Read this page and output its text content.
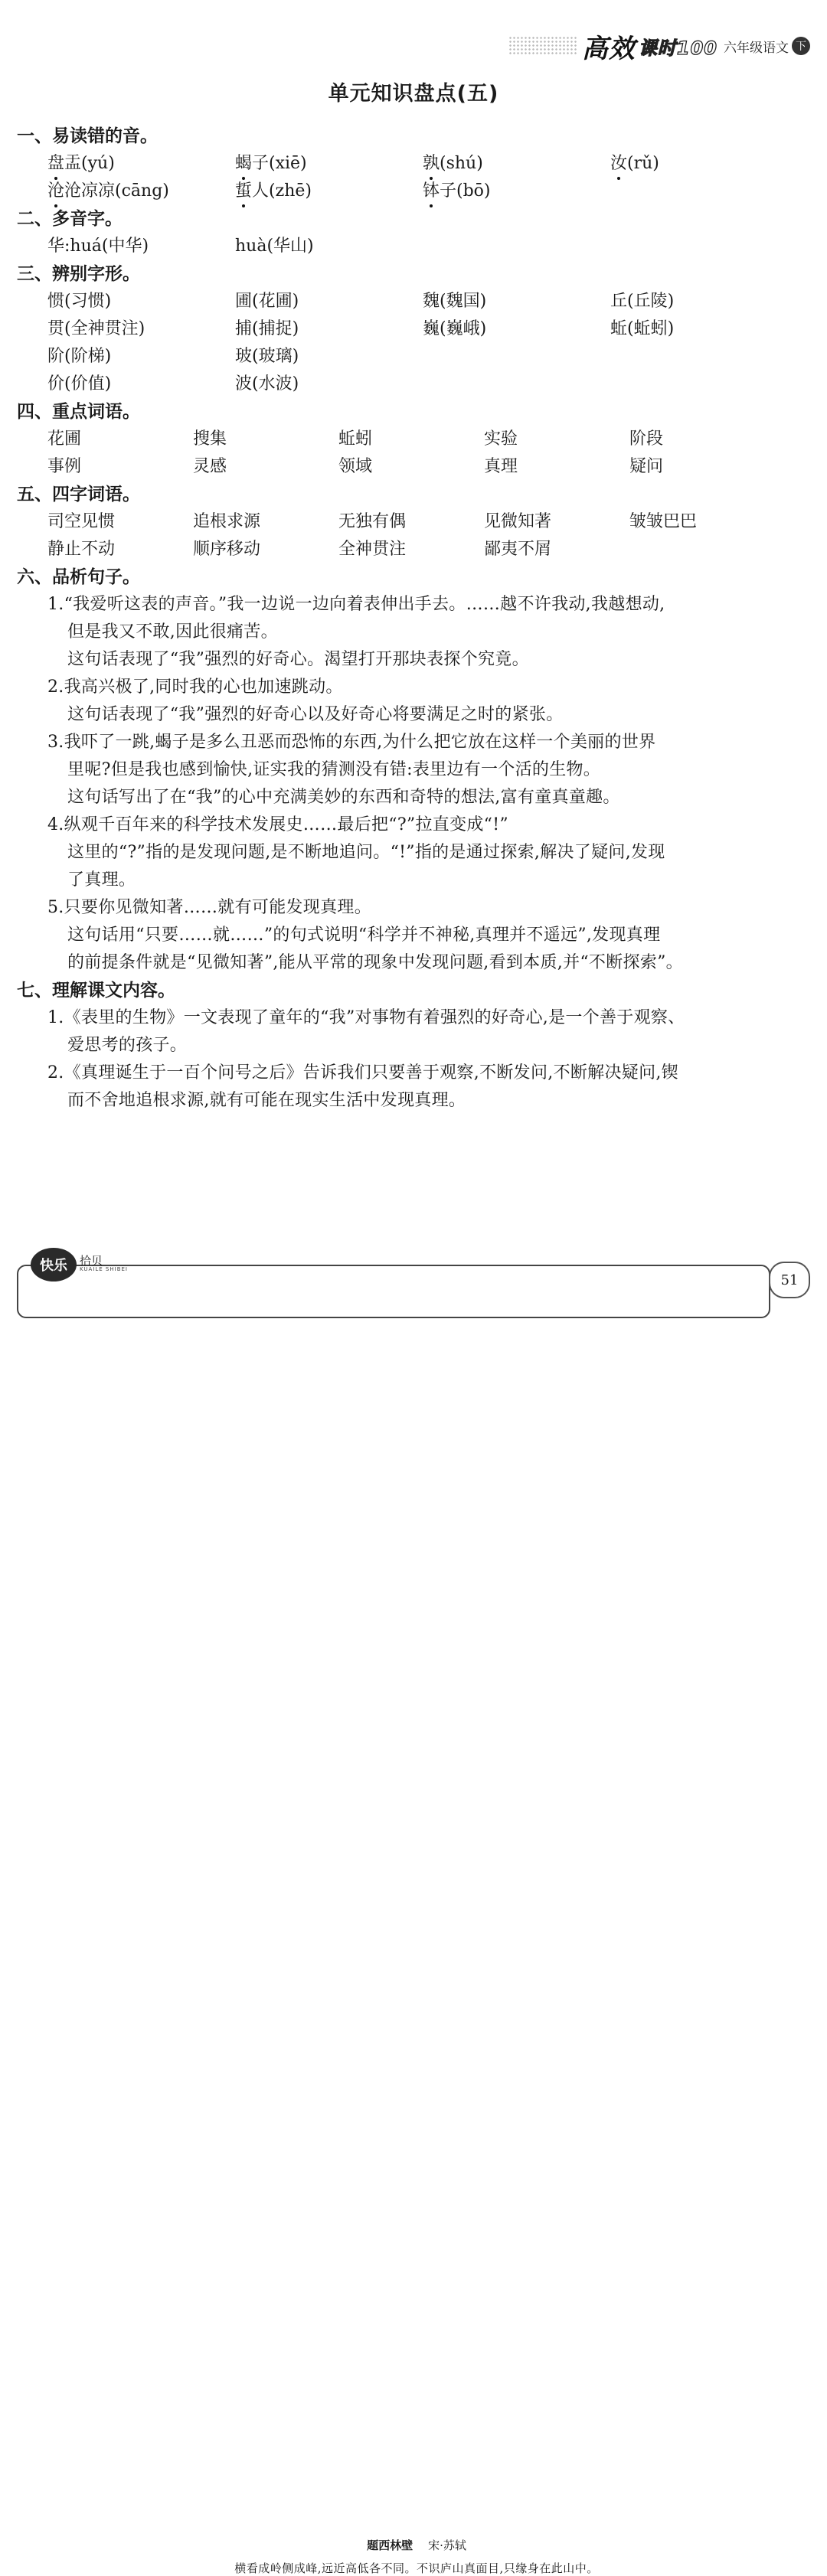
高效 课时100 六年级语文 下
单元知识盘点(五)
一、易读错的音。
盘盂(yú)	蝎子(xiē)	孰(shú)	汝(rǔ)
沧沧凉凉(cāng)	蜇人(zhē)	钵子(bō)
二、多音字。
华:huá(中华)	huà(华山)
三、辨别字形。
惯(习惯)	圃(花圃)	魏(魏国)	丘(丘陵)
贯(全神贯注)	捕(捕捉)	巍(巍峨)	蚯(蚯蚓)
阶(阶梯)	玻(玻璃)
价(价值)	波(水波)
四、重点词语。
花圃	搜集	蚯蚓	实验	阶段
事例	灵感	领域	真理	疑问
五、四字词语。
司空见惯	追根求源	无独有偶	见微知著	皱皱巴巴
静止不动	顺序移动	全神贯注	鄙夷不屑
六、品析句子。
1.“我爱听这表的声音。”我一边说一边向着表伸出手去。……越不许我动,我越想动,
但是我又不敢,因此很痛苦。
这句话表现了“我”强烈的好奇心。渴望打开那块表探个究竟。
2.我高兴极了,同时我的心也加速跳动。
这句话表现了“我”强烈的好奇心以及好奇心将要满足之时的紧张。
3.我吓了一跳,蝎子是多么丑恶而恐怖的东西,为什么把它放在这样一个美丽的世界
里呢?但是我也感到愉快,证实我的猜测没有错:表里边有一个活的生物。
这句话写出了在“我”的心中充满美妙的东西和奇特的想法,富有童真童趣。
4.纵观千百年来的科学技术发展史……最后把“?”拉直变成“!”
这里的“?”指的是发现问题,是不断地追问。“!”指的是通过探索,解决了疑问,发现
了真理。
5.只要你见微知著……就有可能发现真理。
这句话用“只要……就……”的句式说明“科学并不神秘,真理并不遥远”,发现真理
的前提条件就是“见微知著”,能从平常的现象中发现问题,看到本质,并“不断探索”。
七、理解课文内容。
1.《表里的生物》一文表现了童年的“我”对事物有着强烈的好奇心,是一个善于观察、
爱思考的孩子。
2.《真理诞生于一百个问号之后》告诉我们只要善于观察,不断发问,不断解决疑问,锲
而不舍地追根求源,就有可能在现实生活中发现真理。
题西林壁 宋·苏轼
横看成岭侧成峰,远近高低各不同。不识庐山真面目,只缘身在此山中。
快乐	拾贝
KUAILE SHIBEI
51
